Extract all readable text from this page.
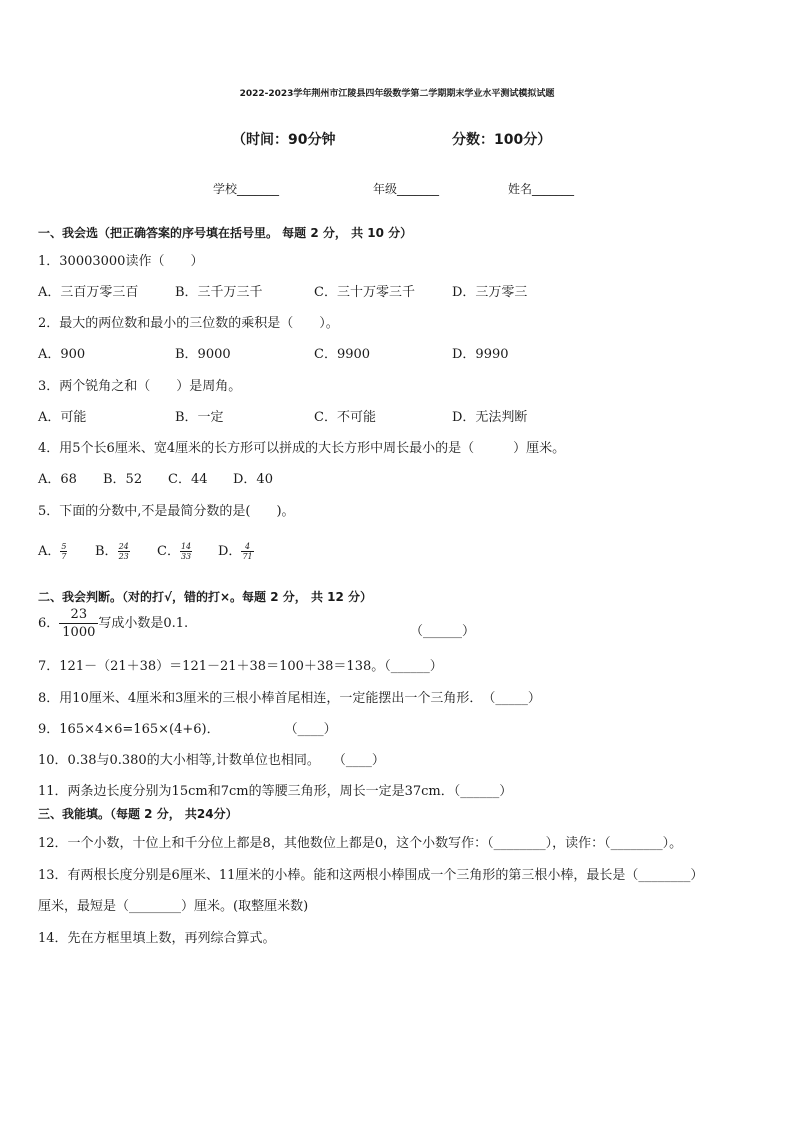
2022-2023学年荆州市江陵县四年级数学第二学期期末学业水平测试模拟试题
（时间：90分钟	分数：100分）
学校_______	年级_______	姓名_______
一、我会选（把正确答案的序号填在括号里。 每题 2 分， 共 10 分）
1．30003000读作（　　）
A．三百万零三百	B．三千万三千	C．三十万零三千	D．三万零三
2．最大的两位数和最小的三位数的乘积是（　　）。
A．900	B．9000	C．9900	D．9990
3．两个锐角之和（　　）是周角。
A．可能	B．一定	C．不可能	D．无法判断
4．用5个长6厘米、宽4厘米的长方形可以拼成的大长方形中周长最小的是（　　　）厘米。
A．68 B．52 C．44 D．40
5．下面的分数中,不是最简分数的是(　　)。
A． $\frac{5}{7}$ B． $\frac{24}{23}$ C． $\frac{14}{33}$ D． $\frac{4}{71}$
二、我会判断。（对的打√，错的打×。每题 2 分， 共 12 分）
6． $\frac{23}{1000}$ 写成小数是0.1.
（______）
7．121－（21＋38）＝121－21＋38＝100＋38＝138。（______）
8．用10厘米、4厘米和3厘米的三根小棒首尾相连，一定能摆出一个三角形．　（_____）
9．165×4×6=165×(4+6)．　　　　　　（____）
10．0.38与0.380的大小相等,计数单位也相同。　　（____）
11．两条边长度分别为15cm和7cm的等腰三角形，周长一定是37cm．（______）
三、我能填。（每题 2 分， 共24分）
12．一个小数，十位上和千分位上都是8，其他数位上都是0，这个小数写作：（________），读作：（________）。
13．有两根长度分别是6厘米、11厘米的小棒。能和这两根小棒围成一个三角形的第三根小棒，最长是（________）
厘米，最短是（________）厘米。(取整厘米数)
14．先在方框里填上数，再列综合算式。
